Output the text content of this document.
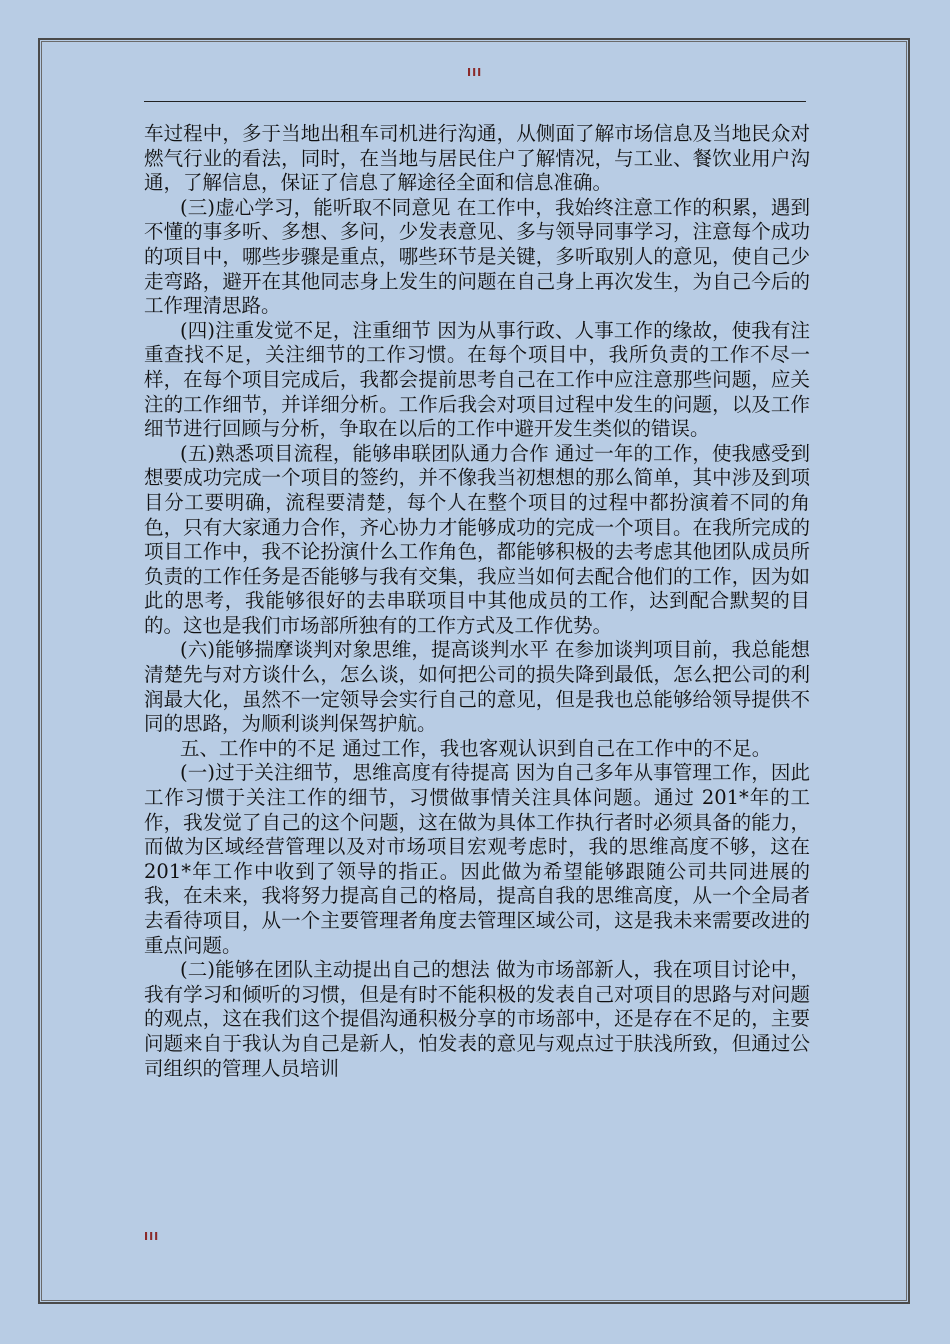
III

车过程中，多于当地出租车司机进行沟通，从侧面了解市场信息及当地民众对燃气行业的看法，同时，在当地与居民住户了解情况，与工业、餐饮业用户沟通，了解信息，保证了信息了解途径全面和信息准确。

(三)虚心学习，能听取不同意见 在工作中，我始终注意工作的积累，遇到不懂的事多听、多想、多问，少发表意见、多与领导同事学习，注意每个成功的项目中，哪些步骤是重点，哪些环节是关键，多听取别人的意见，使自己少走弯路，避开在其他同志身上发生的问题在自己身上再次发生，为自己今后的工作理清思路。

(四)注重发觉不足，注重细节 因为从事行政、人事工作的缘故，使我有注重查找不足，关注细节的工作习惯。在每个项目中，我所负责的工作不尽一样，在每个项目完成后，我都会提前思考自己在工作中应注意那些问题，应关注的工作细节，并详细分析。工作后我会对项目过程中发生的问题，以及工作细节进行回顾与分析，争取在以后的工作中避开发生类似的错误。

(五)熟悉项目流程，能够串联团队通力合作 通过一年的工作，使我感受到想要成功完成一个项目的签约，并不像我当初想想的那么简单，其中涉及到项目分工要明确，流程要清楚，每个人在整个项目的过程中都扮演着不同的角色，只有大家通力合作，齐心协力才能够成功的完成一个项目。在我所完成的项目工作中，我不论扮演什么工作角色，都能够积极的去考虑其他团队成员所负责的工作任务是否能够与我有交集，我应当如何去配合他们的工作，因为如此的思考，我能够很好的去串联项目中其他成员的工作，达到配合默契的目的。这也是我们市场部所独有的工作方式及工作优势。

(六)能够揣摩谈判对象思维，提高谈判水平 在参加谈判项目前，我总能想清楚先与对方谈什么，怎么谈，如何把公司的损失降到最低，怎么把公司的利润最大化，虽然不一定领导会实行自己的意见，但是我也总能够给领导提供不同的思路，为顺利谈判保驾护航。

五、工作中的不足 通过工作，我也客观认识到自己在工作中的不足。

(一)过于关注细节，思维高度有待提高 因为自己多年从事管理工作，因此工作习惯于关注工作的细节，习惯做事情关注具体问题。通过 201*年的工作，我发觉了自己的这个问题，这在做为具体工作执行者时必须具备的能力，而做为区域经营管理以及对市场项目宏观考虑时，我的思维高度不够，这在 201*年工作中收到了领导的指正。因此做为希望能够跟随公司共同进展的我，在未来，我将努力提高自己的格局，提高自我的思维高度，从一个全局者去看待项目，从一个主要管理者角度去管理区域公司，这是我未来需要改进的重点问题。

(二)能够在团队主动提出自己的想法 做为市场部新人，我在项目讨论中，我有学习和倾听的习惯，但是有时不能积极的发表自己对项目的思路与对问题的观点，这在我们这个提倡沟通积极分享的市场部中，还是存在不足的，主要问题来自于我认为自己是新人，怕发表的意见与观点过于肤浅所致，但通过公司组织的管理人员培训

III
